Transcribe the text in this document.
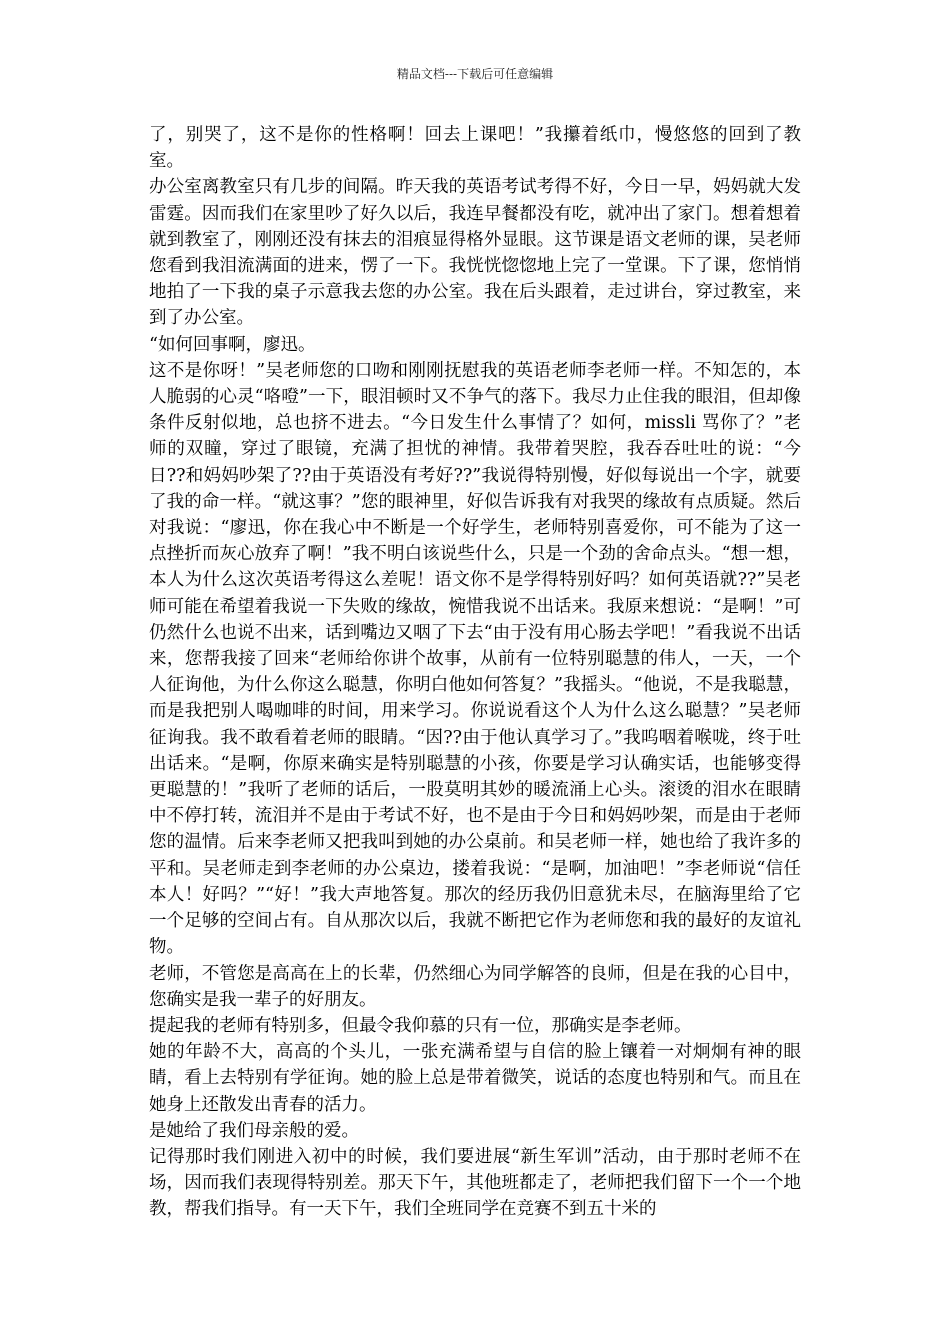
精品文档---下载后可任意编辑

了，别哭了，这不是你的性格啊！回去上课吧！”我攥着纸巾，慢悠悠的回到了教室。

办公室离教室只有几步的间隔。昨天我的英语考试考得不好，今日一早，妈妈就大发雷霆。因而我们在家里吵了好久以后，我连早餐都没有吃，就冲出了家门。想着想着就到教室了，刚刚还没有抹去的泪痕显得格外显眼。这节课是语文老师的课，吴老师您看到我泪流满面的进来，愣了一下。我恍恍惚惚地上完了一堂课。下了课，您悄悄地拍了一下我的桌子示意我去您的办公室。我在后头跟着，走过讲台，穿过教室，来到了办公室。

“如何回事啊，廖迅。

这不是你呀！”吴老师您的口吻和刚刚抚慰我的英语老师李老师一样。不知怎的，本人脆弱的心灵“咯噔”一下，眼泪顿时又不争气的落下。我尽力止住我的眼泪，但却像条件反射似地，总也挤不进去。“今日发生什么事情了？如何，missli 骂你了？”老师的双瞳，穿过了眼镜，充满了担忧的神情。我带着哭腔，我吞吞吐吐的说：“今日??和妈妈吵架了??由于英语没有考好??”我说得特别慢，好似每说出一个字，就要了我的命一样。“就这事？”您的眼神里，好似告诉我有对我哭的缘故有点质疑。然后对我说：“廖迅，你在我心中不断是一个好学生，老师特别喜爱你，可不能为了这一点挫折而灰心放弃了啊！”我不明白该说些什么，只是一个劲的舍命点头。“想一想，本人为什么这次英语考得这么差呢！语文你不是学得特别好吗？如何英语就??”吴老师可能在希望着我说一下失败的缘故，惋惜我说不出话来。我原来想说：“是啊！”可仍然什么也说不出来，话到嘴边又咽了下去“由于没有用心肠去学吧！”看我说不出话来，您帮我接了回来“老师给你讲个故事，从前有一位特别聪慧的伟人，一天，一个人征询他，为什么你这么聪慧，你明白他如何答复？”我摇头。“他说，不是我聪慧，而是我把别人喝咖啡的时间，用来学习。你说说看这个人为什么这么聪慧？”吴老师征询我。我不敢看着老师的眼睛。“因??由于他认真学习了。”我呜咽着喉咙，终于吐出话来。“是啊，你原来确实是特别聪慧的小孩，你要是学习认确实话，也能够变得更聪慧的！”我听了老师的话后，一股莫明其妙的暖流涌上心头。滚烫的泪水在眼睛中不停打转，流泪并不是由于考试不好，也不是由于今日和妈妈吵架，而是由于老师您的温情。后来李老师又把我叫到她的办公桌前。和吴老师一样，她也给了我许多的平和。吴老师走到李老师的办公桌边，搂着我说：“是啊，加油吧！”李老师说“信任本人！好吗？”“好！”我大声地答复。那次的经历我仍旧意犹未尽，在脑海里给了它一个足够的空间占有。自从那次以后，我就不断把它作为老师您和我的最好的友谊礼物。

老师，不管您是高高在上的长辈，仍然细心为同学解答的良师，但是在我的心目中，您确实是我一辈子的好朋友。

提起我的老师有特别多，但最令我仰慕的只有一位，那确实是李老师。

她的年龄不大，高高的个头儿，一张充满希望与自信的脸上镶着一对炯炯有神的眼睛，看上去特别有学征询。她的脸上总是带着微笑，说话的态度也特别和气。而且在她身上还散发出青春的活力。

是她给了我们母亲般的爱。

记得那时我们刚进入初中的时候，我们要进展“新生军训”活动，由于那时老师不在场，因而我们表现得特别差。那天下午，其他班都走了，老师把我们留下一个一个地教，帮我们指导。有一天下午，我们全班同学在竞赛不到五十米的
